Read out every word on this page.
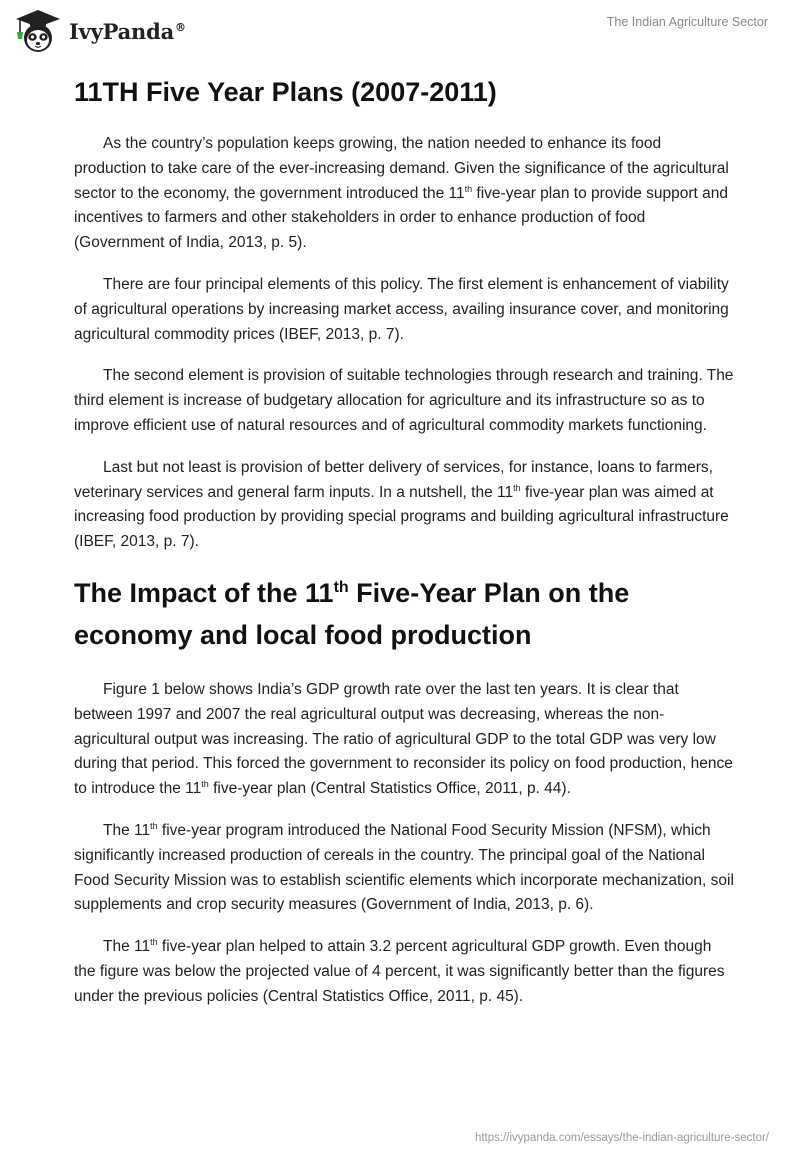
IvyPanda®	The Indian Agriculture Sector
11TH Five Year Plans (2007-2011)

As the country’s population keeps growing, the nation needed to enhance its food production to take care of the ever-increasing demand. Given the significance of the agricultural sector to the economy, the government introduced the 11th five-year plan to provide support and incentives to farmers and other stakeholders in order to enhance production of food (Government of India, 2013, p. 5).

There are four principal elements of this policy. The first element is enhancement of viability of agricultural operations by increasing market access, availing insurance cover, and monitoring agricultural commodity prices (IBEF, 2013, p. 7).

The second element is provision of suitable technologies through research and training. The third element is increase of budgetary allocation for agriculture and its infrastructure so as to improve efficient use of natural resources and of agricultural commodity markets functioning.

Last but not least is provision of better delivery of services, for instance, loans to farmers, veterinary services and general farm inputs. In a nutshell, the 11th five-year plan was aimed at increasing food production by providing special programs and building agricultural infrastructure (IBEF, 2013, p. 7).

The Impact of the 11th Five-Year Plan on the economy and local food production

Figure 1 below shows India’s GDP growth rate over the last ten years. It is clear that between 1997 and 2007 the real agricultural output was decreasing, whereas the non-agricultural output was increasing. The ratio of agricultural GDP to the total GDP was very low during that period. This forced the government to reconsider its policy on food production, hence to introduce the 11th five-year plan (Central Statistics Office, 2011, p. 44).

The 11th five-year program introduced the National Food Security Mission (NFSM), which significantly increased production of cereals in the country. The principal goal of the National Food Security Mission was to establish scientific elements which incorporate mechanization, soil supplements and crop security measures (Government of India, 2013, p. 6).

The 11th five-year plan helped to attain 3.2 percent agricultural GDP growth. Even though the figure was below the projected value of 4 percent, it was significantly better than the figures under the previous policies (Central Statistics Office, 2011, p. 45).

https://ivypanda.com/essays/the-indian-agriculture-sector/
